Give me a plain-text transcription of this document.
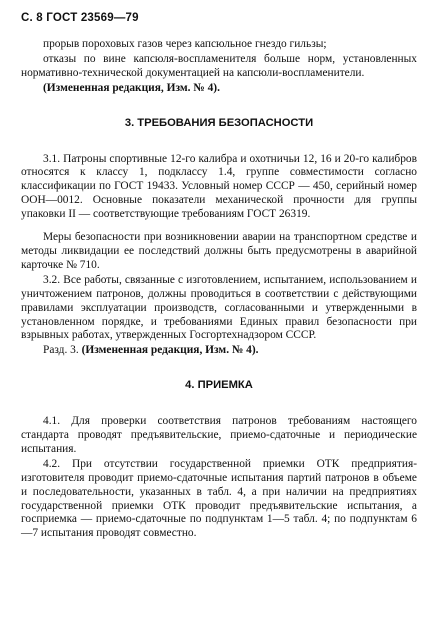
С. 8 ГОСТ 23569—79

прорыв пороховых газов через капсюльное гнездо гильзы;

отказы по вине капсюля-воспламенителя больше норм, установленных нормативно-технической документацией на капсюли-воспламенители.

(Измененная редакция, Изм. № 4).

3. ТРЕБОВАНИЯ БЕЗОПАСНОСТИ

3.1. Патроны спортивные 12-го калибра и охотничьи 12, 16 и 20-го калибров относятся к классу 1, подклассу 1.4, группе совместимости согласно классификации по ГОСТ 19433. Условный номер СССР — 450, серийный номер ООН—0012. Основные показатели механической прочности для группы упаковки II — соответствующие требованиям ГОСТ 26319.

Меры безопасности при возникновении аварии на транспортном средстве и методы ликвидации ее последствий должны быть предусмотрены в аварийной карточке № 710.

3.2. Все работы, связанные с изготовлением, испытанием, использованием и уничтожением патронов, должны проводиться в соответствии с действующими правилами эксплуатации производств, согласованными и утвержденными в установленном порядке, и требованиями Единых правил безопасности при взрывных работах, утвержденных Госгортехнадзором СССР.

Разд. 3. (Измененная редакция, Изм. № 4).

4. ПРИЕМКА

4.1. Для проверки соответствия патронов требованиям настоящего стандарта проводят предъявительские, приемо-сдаточные и периодические испытания.

4.2. При отсутствии государственной приемки ОТК предприятия-изготовителя проводит приемо-сдаточные испытания партий патронов в объеме и последовательности, указанных в табл. 4, а при наличии на предприятиях государственной приемки ОТК проводит предъявительские испытания, а госприемка — приемо-сдаточные по подпунктам 1—5 табл. 4; по подпунктам 6—7 испытания проводят совместно.
